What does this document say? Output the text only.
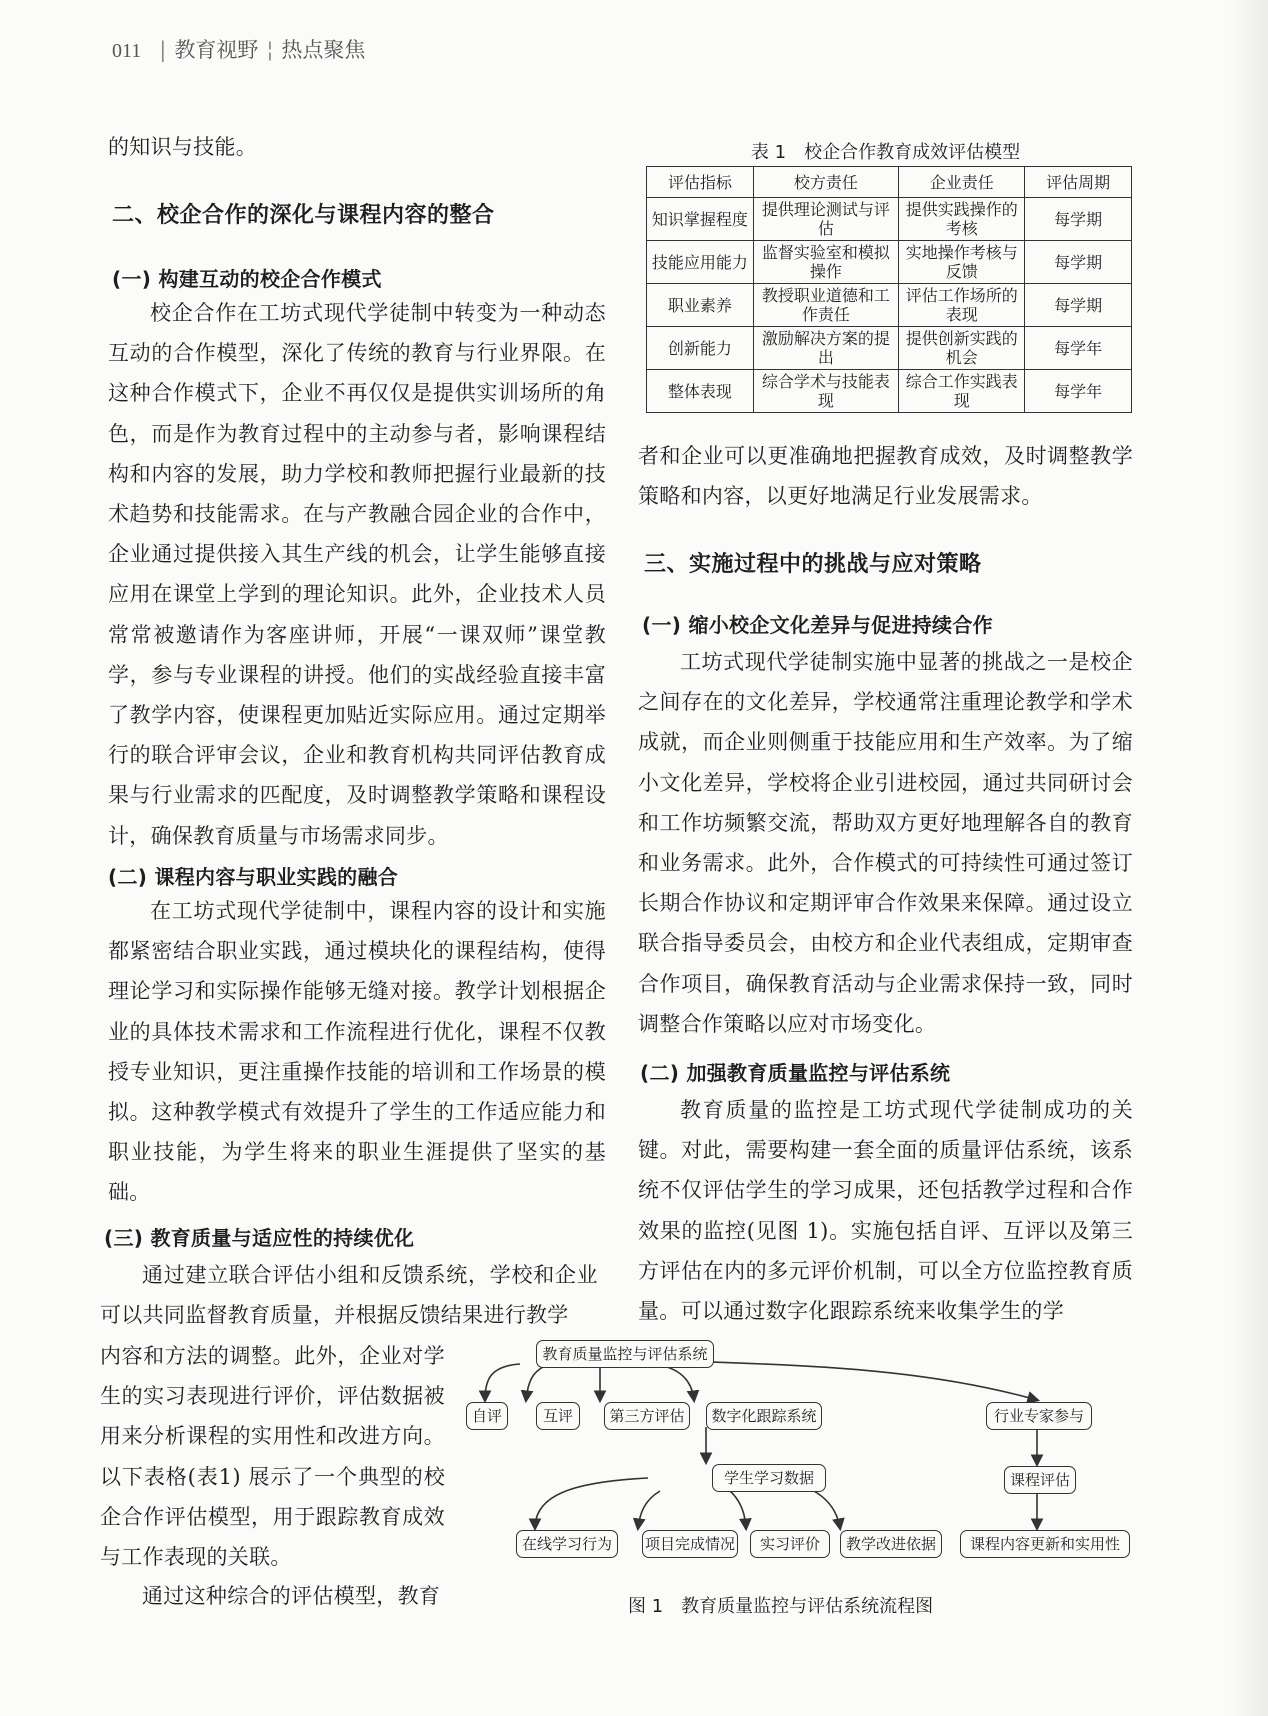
011 | 教育视野 ¦ 热点聚焦

的知识与技能。

二、校企合作的深化与课程内容的整合
(一) 构建互动的校企合作模式

校企合作在工坊式现代学徒制中转变为一种动态互动的合作模型，深化了传统的教育与行业界限。在这种合作模式下，企业不再仅仅是提供实训场所的角色，而是作为教育过程中的主动参与者，影响课程结构和内容的发展，助力学校和教师把握行业最新的技术趋势和技能需求。在与产教融合园企业的合作中，企业通过提供接入其生产线的机会，让学生能够直接应用在课堂上学到的理论知识。此外，企业技术人员常常被邀请作为客座讲师，开展“一课双师”课堂教学，参与专业课程的讲授。他们的实战经验直接丰富了教学内容，使课程更加贴近实际应用。通过定期举行的联合评审会议，企业和教育机构共同评估教育成果与行业需求的匹配度，及时调整教学策略和课程设计，确保教育质量与市场需求同步。

(二) 课程内容与职业实践的融合

在工坊式现代学徒制中，课程内容的设计和实施都紧密结合职业实践，通过模块化的课程结构，使得理论学习和实际操作能够无缝对接。教学计划根据企业的具体技术需求和工作流程进行优化，课程不仅教授专业知识，更注重操作技能的培训和工作场景的模拟。这种教学模式有效提升了学生的工作适应能力和职业技能，为学生将来的职业生涯提供了坚实的基础。

(三) 教育质量与适应性的持续优化

通过建立联合评估小组和反馈系统，学校和企业可以共同监督教育质量，并根据反馈结果进行教学

内容和方法的调整。此外，企业对学生的实习表现进行评价，评估数据被用来分析课程的实用性和改进方向。以下表格(表1) 展示了一个典型的校企合作评估模型，用于跟踪教育成效与工作表现的关联。

通过这种综合的评估模型，教育

表 1　校企合作教育成效评估模型
评估指标	校方责任	企业责任	评估周期
知识掌握程度	提供理论测试与评估	提供实践操作的考核	每学期
技能应用能力	监督实验室和模拟操作	实地操作考核与反馈	每学期
职业素养	教授职业道德和工作责任	评估工作场所的表现	每学期
创新能力	激励解决方案的提出	提供创新实践的机会	每学年
整体表现	综合学术与技能表现	综合工作实践表现	每学年

者和企业可以更准确地把握教育成效，及时调整教学策略和内容，以更好地满足行业发展需求。

三、实施过程中的挑战与应对策略
(一) 缩小校企文化差异与促进持续合作

工坊式现代学徒制实施中显著的挑战之一是校企之间存在的文化差异，学校通常注重理论教学和学术成就，而企业则侧重于技能应用和生产效率。为了缩小文化差异，学校将企业引进校园，通过共同研讨会和工作坊频繁交流，帮助双方更好地理解各自的教育和业务需求。此外，合作模式的可持续性可通过签订长期合作协议和定期评审合作效果来保障。通过设立联合指导委员会，由校方和企业代表组成，定期审查合作项目，确保教育活动与企业需求保持一致，同时调整合作策略以应对市场变化。

(二) 加强教育质量监控与评估系统

教育质量的监控是工坊式现代学徒制成功的关键。对此，需要构建一套全面的质量评估系统，该系统不仅评估学生的学习成果，还包括教学过程和合作效果的监控(见图 1)。实施包括自评、互评以及第三方评估在内的多元评价机制，可以全方位监控教育质量。可以通过数字化跟踪系统来收集学生的学

教育质量监控与评估系统
自评	互评	第三方评估	数字化跟踪系统	行业专家参与
学生学习数据	课程评估
在线学习行为	项目完成情况	实习评价	教学改进依据	课程内容更新和实用性
图 1　教育质量监控与评估系统流程图
